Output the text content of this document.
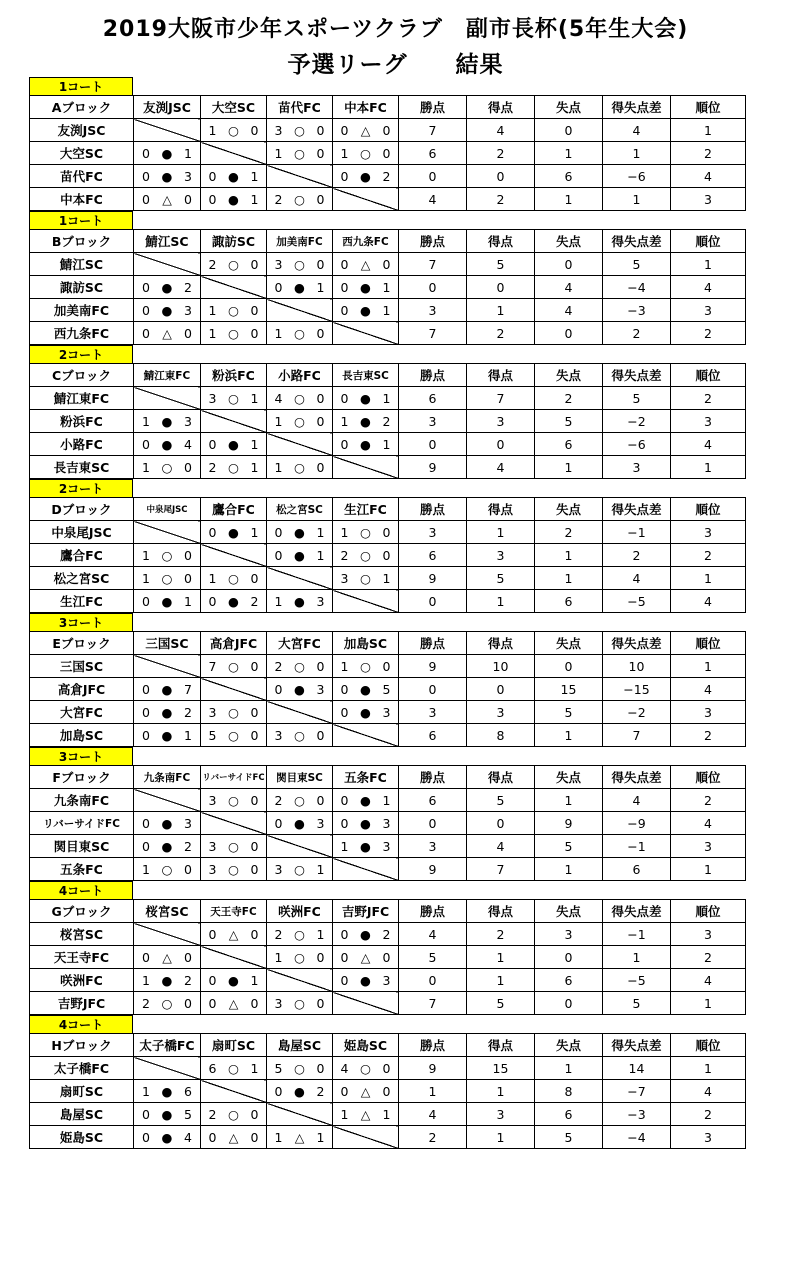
2019大阪市少年スポーツクラブ　副市長杯(5年生大会)
予選リーグ　　結果
1コート
Aブロック	友渕JSC	大空SC	苗代FC	中本FC	勝点	得点	失点	得失点差	順位
友渕JSC		1 ○ 0	3 ○ 0	0 △ 0	7	4	0	4	1
大空SC	0 ● 1		1 ○ 0	1 ○ 0	6	2	1	1	2
苗代FC	0 ● 3	0 ● 1		0 ● 2	0	0	6	−6	4
中本FC	0 △ 0	0 ● 1	2 ○ 0		4	2	1	1	3
1コート
Bブロック	鯖江SC	諏訪SC	加美南FC	西九条FC	勝点	得点	失点	得失点差	順位
鯖江SC		2 ○ 0	3 ○ 0	0 △ 0	7	5	0	5	1
諏訪SC	0 ● 2		0 ● 1	0 ● 1	0	0	4	−4	4
加美南FC	0 ● 3	1 ○ 0		0 ● 1	3	1	4	−3	3
西九条FC	0 △ 0	1 ○ 0	1 ○ 0		7	2	0	2	2
2コート
Cブロック	鯖江東FC	粉浜FC	小路FC	長吉東SC	勝点	得点	失点	得失点差	順位
鯖江東FC		3 ○ 1	4 ○ 0	0 ● 1	6	7	2	5	2
粉浜FC	1 ● 3		1 ○ 0	1 ● 2	3	3	5	−2	3
小路FC	0 ● 4	0 ● 1		0 ● 1	0	0	6	−6	4
長吉東SC	1 ○ 0	2 ○ 1	1 ○ 0		9	4	1	3	1
2コート
Dブロック	中泉尾JSC	鷹合FC	松之宮SC	生江FC	勝点	得点	失点	得失点差	順位
中泉尾JSC		0 ● 1	0 ● 1	1 ○ 0	3	1	2	−1	3
鷹合FC	1 ○ 0		0 ● 1	2 ○ 0	6	3	1	2	2
松之宮SC	1 ○ 0	1 ○ 0		3 ○ 1	9	5	1	4	1
生江FC	0 ● 1	0 ● 2	1 ● 3		0	1	6	−5	4
3コート
Eブロック	三国SC	高倉JFC	大宮FC	加島SC	勝点	得点	失点	得失点差	順位
三国SC		7 ○ 0	2 ○ 0	1 ○ 0	9	10	0	10	1
高倉JFC	0 ● 7		0 ● 3	0 ● 5	0	0	15	−15	4
大宮FC	0 ● 2	3 ○ 0		0 ● 3	3	3	5	−2	3
加島SC	0 ● 1	5 ○ 0	3 ○ 0		6	8	1	7	2
3コート
Fブロック	九条南FC	リバーサイドFC	関目東SC	五条FC	勝点	得点	失点	得失点差	順位
九条南FC		3 ○ 0	2 ○ 0	0 ● 1	6	5	1	4	2
リバーサイドFC	0 ● 3		0 ● 3	0 ● 3	0	0	9	−9	4
関目東SC	0 ● 2	3 ○ 0		1 ● 3	3	4	5	−1	3
五条FC	1 ○ 0	3 ○ 0	3 ○ 1		9	7	1	6	1
4コート
Gブロック	桜宮SC	天王寺FC	咲洲FC	吉野JFC	勝点	得点	失点	得失点差	順位
桜宮SC		0 △ 0	2 ○ 1	0 ● 2	4	2	3	−1	3
天王寺FC	0 △ 0		1 ○ 0	0 △ 0	5	1	0	1	2
咲洲FC	1 ● 2	0 ● 1		0 ● 3	0	1	6	−5	4
吉野JFC	2 ○ 0	0 △ 0	3 ○ 0		7	5	0	5	1
4コート
Hブロック	太子橋FC	扇町SC	島屋SC	姫島SC	勝点	得点	失点	得失点差	順位
太子橋FC		6 ○ 1	5 ○ 0	4 ○ 0	9	15	1	14	1
扇町SC	1 ● 6		0 ● 2	0 △ 0	1	1	8	−7	4
島屋SC	0 ● 5	2 ○ 0		1 △ 1	4	3	6	−3	2
姫島SC	0 ● 4	0 △ 0	1 △ 1		2	1	5	−4	3
